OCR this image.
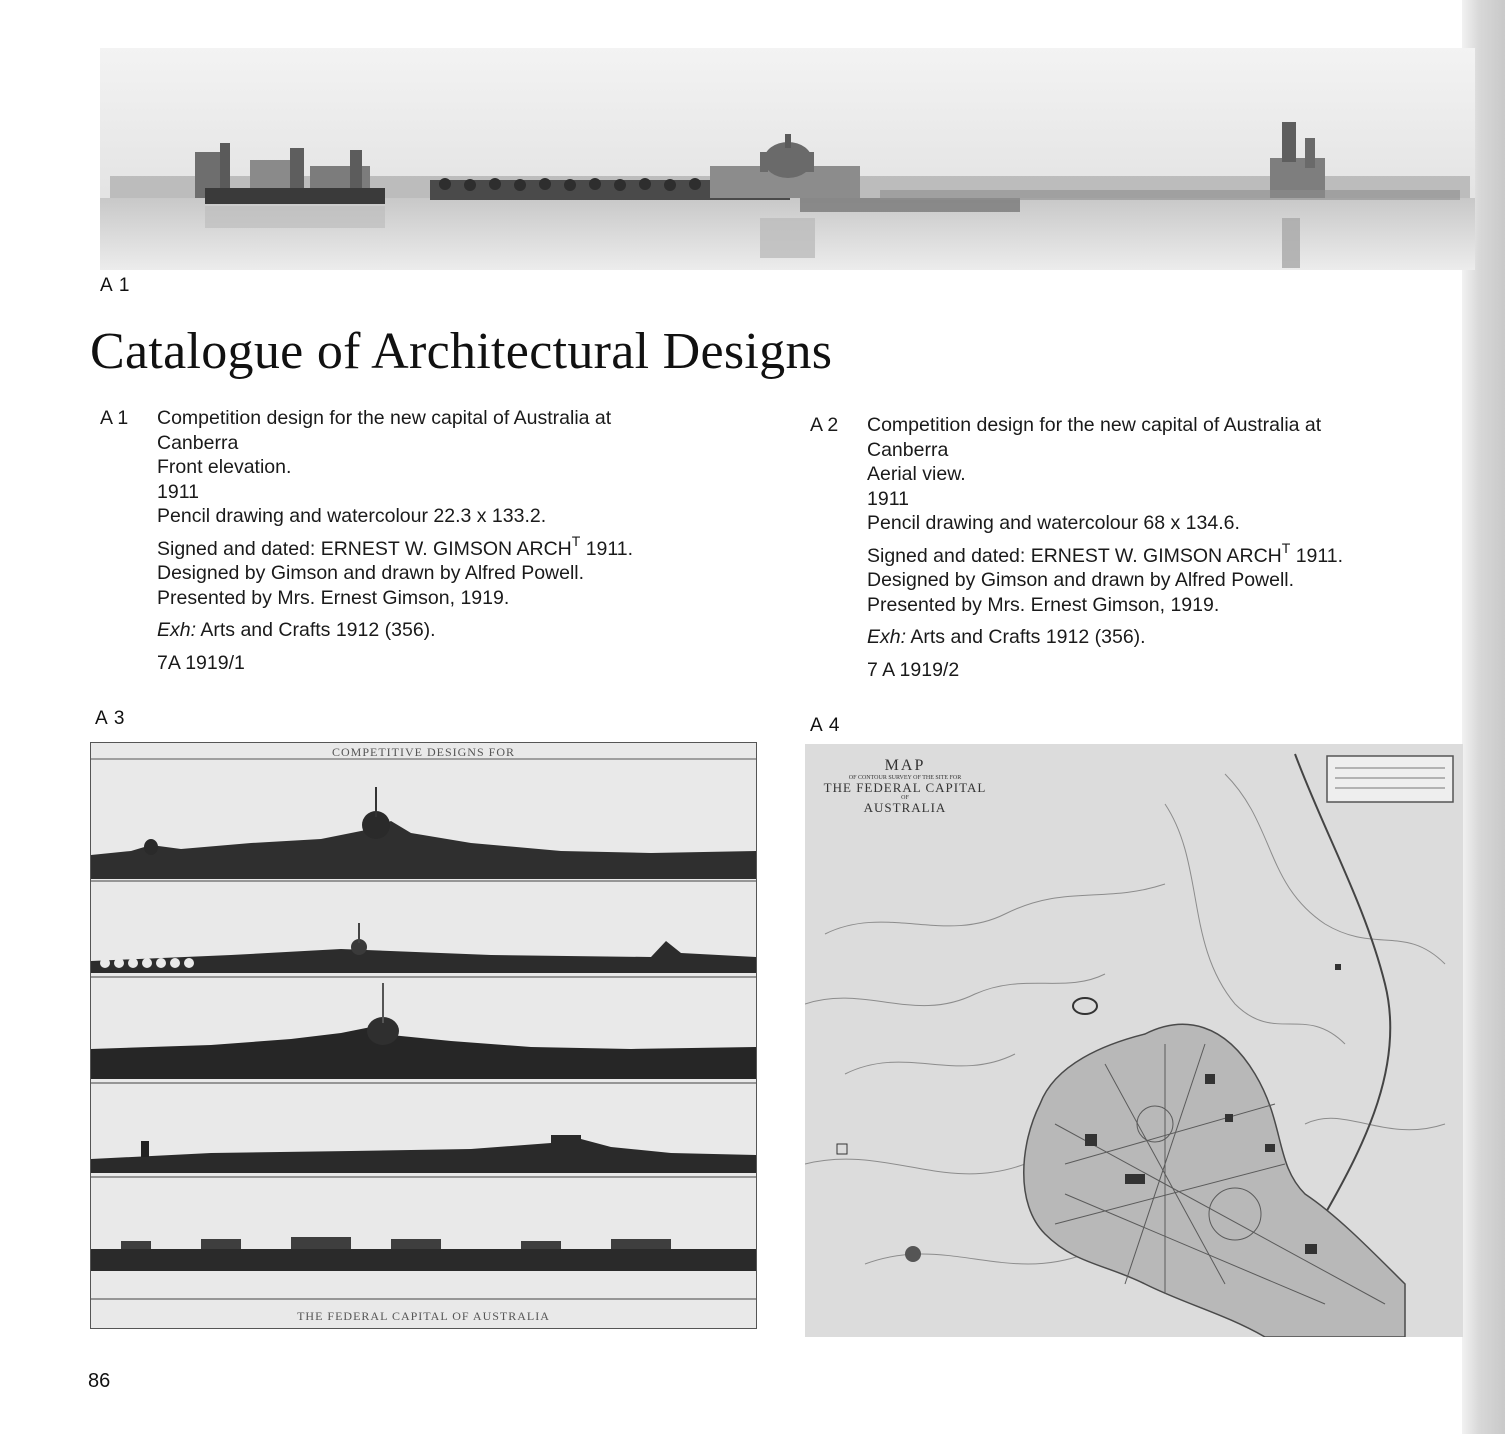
A 1
Catalogue of Architectural Designs
A 1 Competition design for the new capital of Australia at
Canberra
Front elevation.
1911
Pencil drawing and watercolour 22.3 x 133.2.
Signed and dated: ERNEST W. GIMSON $ARCH^T$ 1911.
Designed by Gimson and drawn by Alfred Powell.
Presented by Mrs. Ernest Gimson, 1919.
Exh: Arts and Crafts 1912 (356).
7A 1919/1
A 2 Competition design for the new capital of Australia at
Canberra
Aerial view.
1911
Pencil drawing and watercolour 68 x 134.6.
Signed and dated: ERNEST W. GIMSON $ARCH^T$ 1911.
Designed by Gimson and drawn by Alfred Powell.
Presented by Mrs. Ernest Gimson, 1919.
Exh: Arts and Crafts 1912 (356).
7 A 1919/2
A 3
COMPETITIVE DESIGNS FOR
THE FEDERAL CAPITAL OF AUSTRALIA
A 4
MAP
OF CONTOUR SURVEY OF THE SITE FOR
THE FEDERAL CAPITAL
OF
AUSTRALIA
86
